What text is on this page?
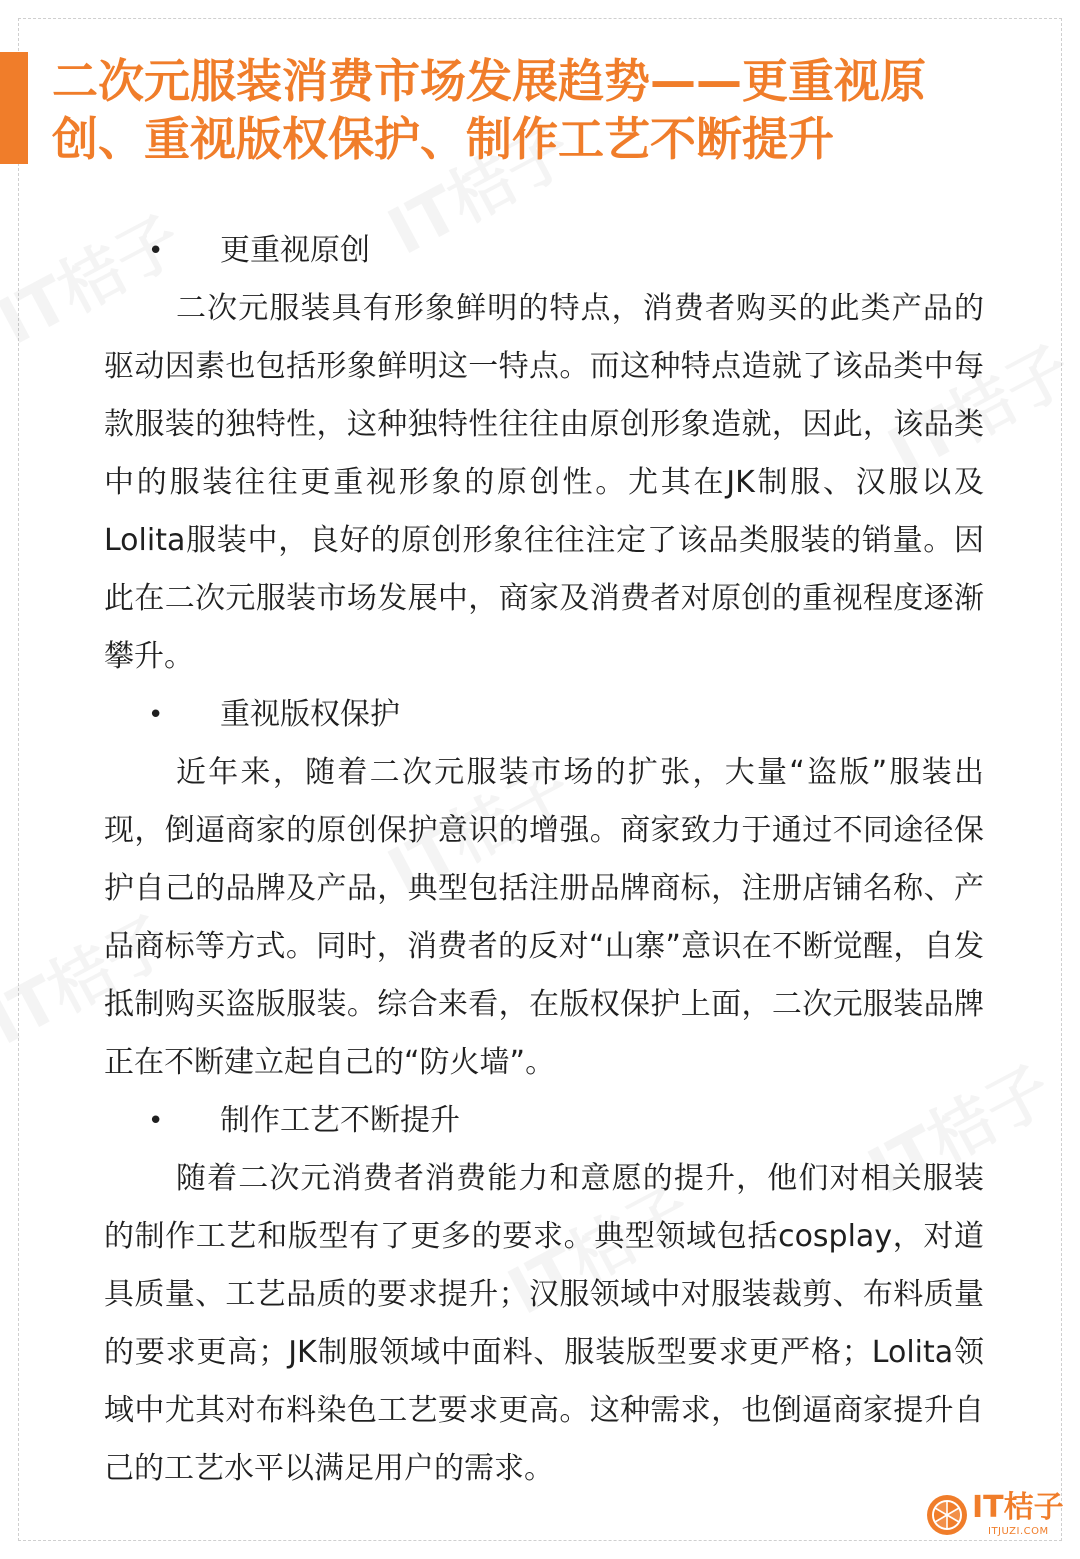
二次元服装消费市场发展趋势——更重视原创、重视版权保护、制作工艺不断提升
• 更重视原创

二次元服装具有形象鲜明的特点，消费者购买的此类产品的驱动因素也包括形象鲜明这一特点。而这种特点造就了该品类中每款服装的独特性，这种独特性往往由原创形象造就，因此，该品类中的服装往往更重视形象的原创性。尤其在JK制服、汉服以及Lolita服装中，良好的原创形象往往注定了该品类服装的销量。因此在二次元服装市场发展中，商家及消费者对原创的重视程度逐渐攀升。

• 重视版权保护

近年来，随着二次元服装市场的扩张，大量“盗版”服装出现，倒逼商家的原创保护意识的增强。商家致力于通过不同途径保护自己的品牌及产品，典型包括注册品牌商标，注册店铺名称、产品商标等方式。同时，消费者的反对“山寨”意识在不断觉醒，自发抵制购买盗版服装。综合来看，在版权保护上面，二次元服装品牌正在不断建立起自己的“防火墙”。

• 制作工艺不断提升

随着二次元消费者消费能力和意愿的提升，他们对相关服装的制作工艺和版型有了更多的要求。典型领域包括cosplay，对道具质量、工艺品质的要求提升；汉服领域中对服装裁剪、布料质量的要求更高；JK制服领域中面料、服装版型要求更严格；Lolita领域中尤其对布料染色工艺要求更高。这种需求，也倒逼商家提升自己的工艺水平以满足用户的需求。

IT桔子
ITJUZI.COM
